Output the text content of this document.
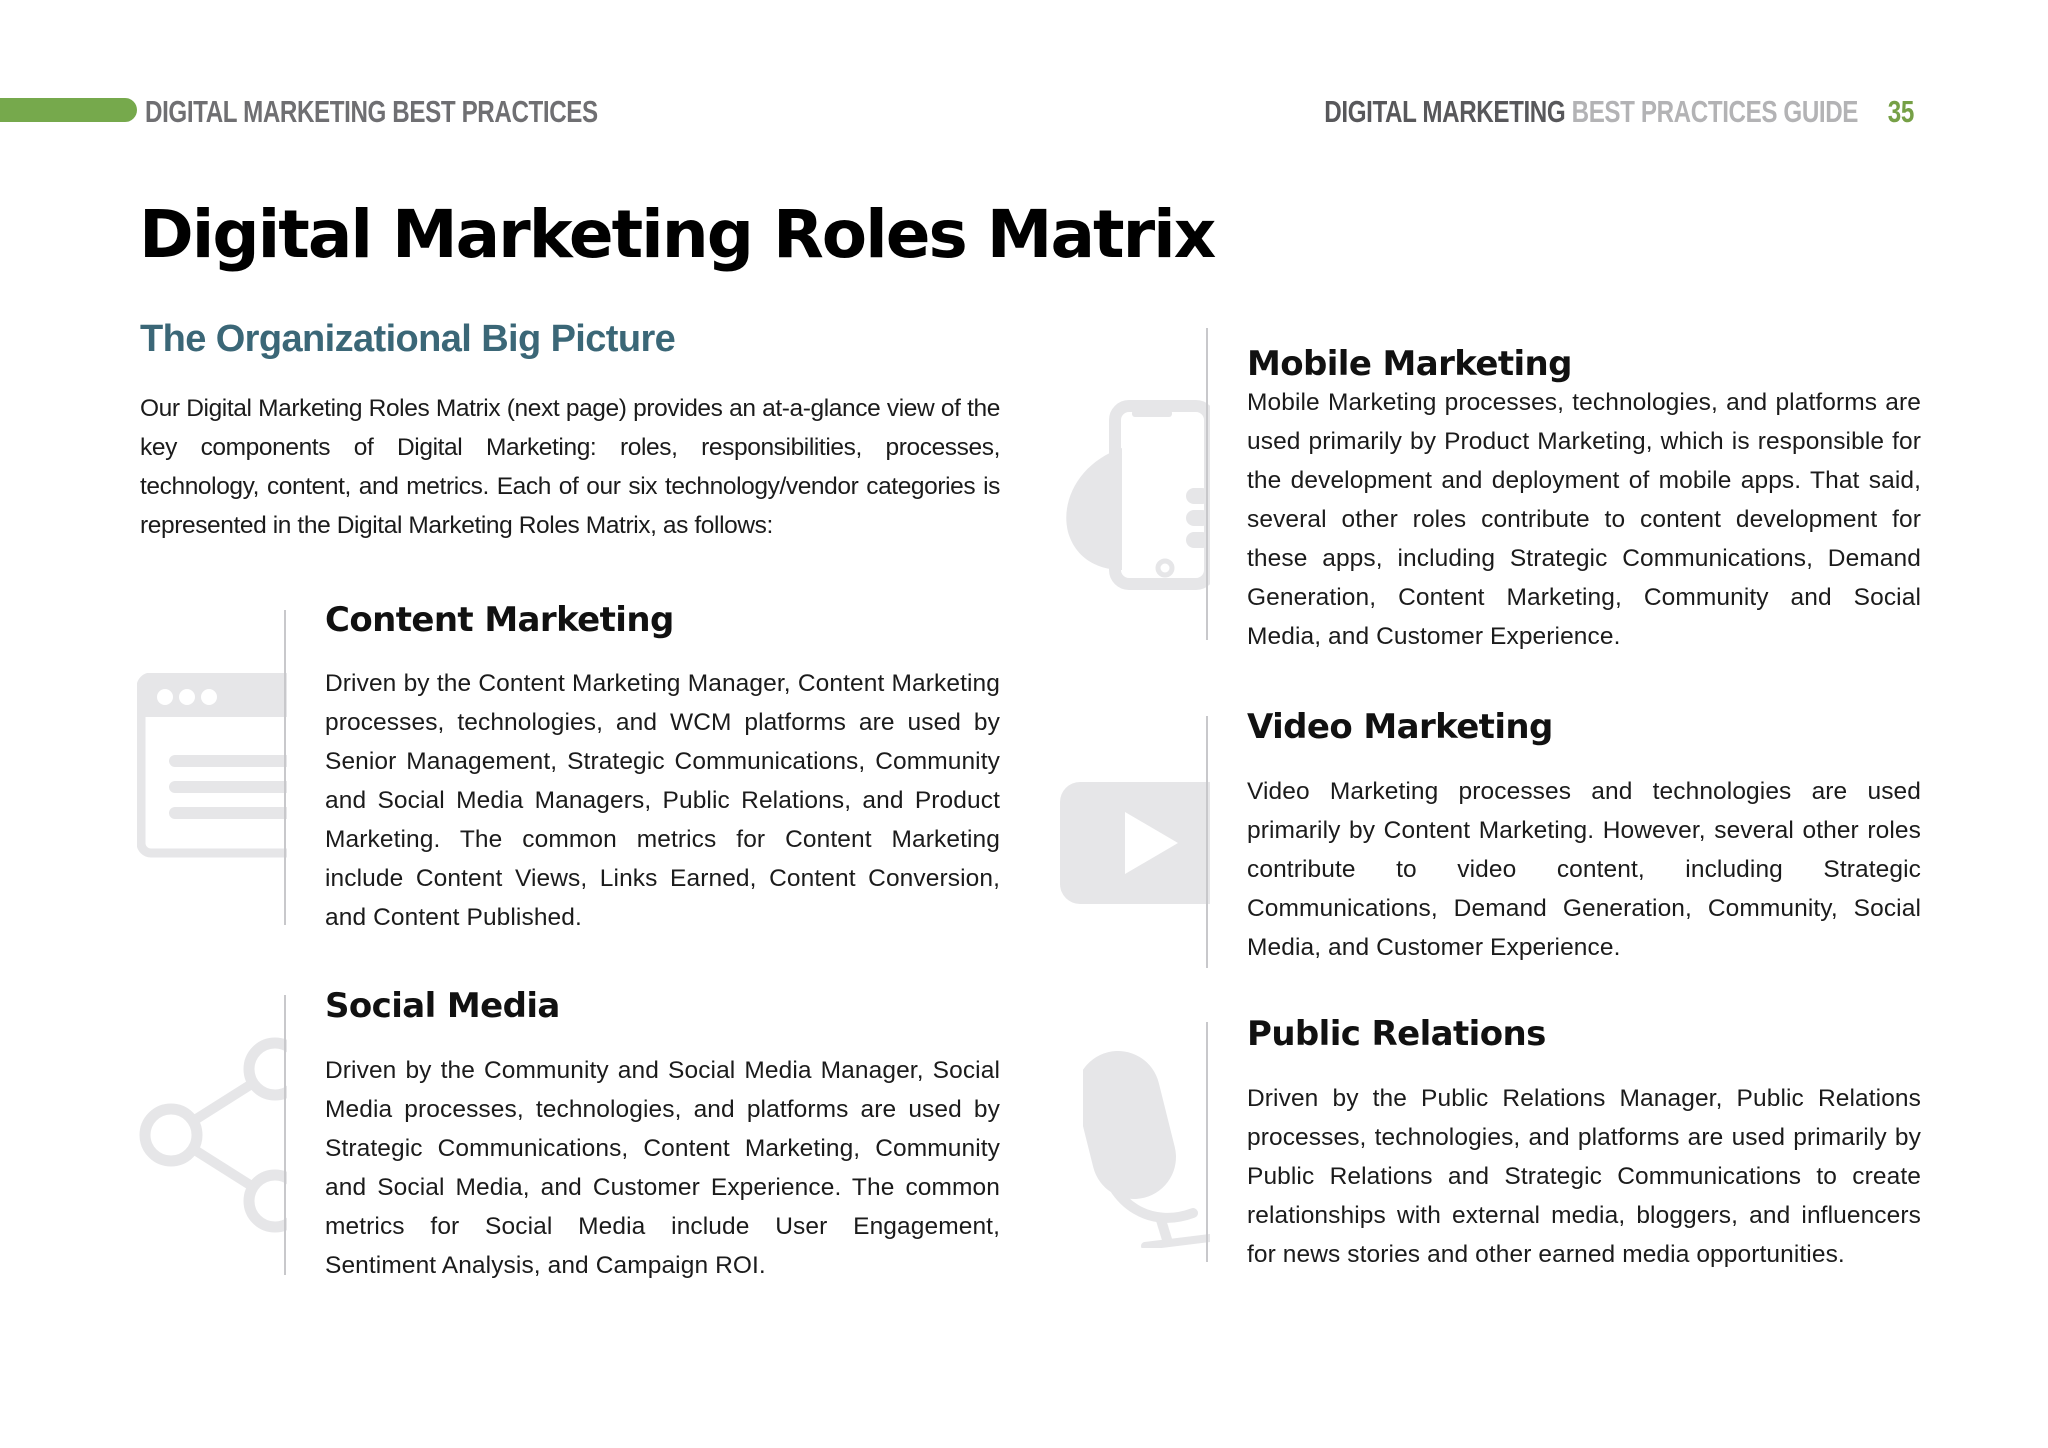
DIGITAL MARKETING BEST PRACTICES	DIGITAL MARKETING BEST PRACTICES GUIDE 35
Digital Marketing Roles Matrix
The Organizational Big Picture

Our Digital Marketing Roles Matrix (next page) provides an at-a-glance view of the key components of Digital Marketing: roles, responsibilities, processes, technology, content, and metrics. Each of our six technology/vendor categories is represented in the Digital Marketing Roles Matrix, as follows:

Content Marketing

Driven by the Content Marketing Manager, Content Marketing processes, technologies, and WCM platforms are used by Senior Management, Strategic Communications, Community and Social Media Managers, Public Relations, and Product Marketing. The common metrics for Content Marketing include Content Views, Links Earned, Content Conversion, and Content Published.

Social Media

Driven by the Community and Social Media Manager, Social Media processes, technologies, and platforms are used by Strategic Communications, Content Marketing, Community and Social Media, and Customer Experience. The common metrics for Social Media include User Engagement, Sentiment Analysis, and Campaign ROI.

Mobile Marketing

Mobile Marketing processes, technologies, and platforms are used primarily by Product Marketing, which is responsible for the development and deployment of mobile apps. That said, several other roles contribute to content development for these apps, including Strategic Communications, Demand Generation, Content Marketing, Community and Social Media, and Customer Experience.

Video Marketing

Video Marketing processes and technologies are used primarily by Content Marketing. However, several other roles contribute to video content, including Strategic Communications, Demand Generation, Community, Social Media, and Customer Experience.

Public Relations

Driven by the Public Relations Manager, Public Relations processes, technologies, and platforms are used primarily by Public Relations and Strategic Communications to create relationships with external media, bloggers, and influencers for news stories and other earned media opportunities.
